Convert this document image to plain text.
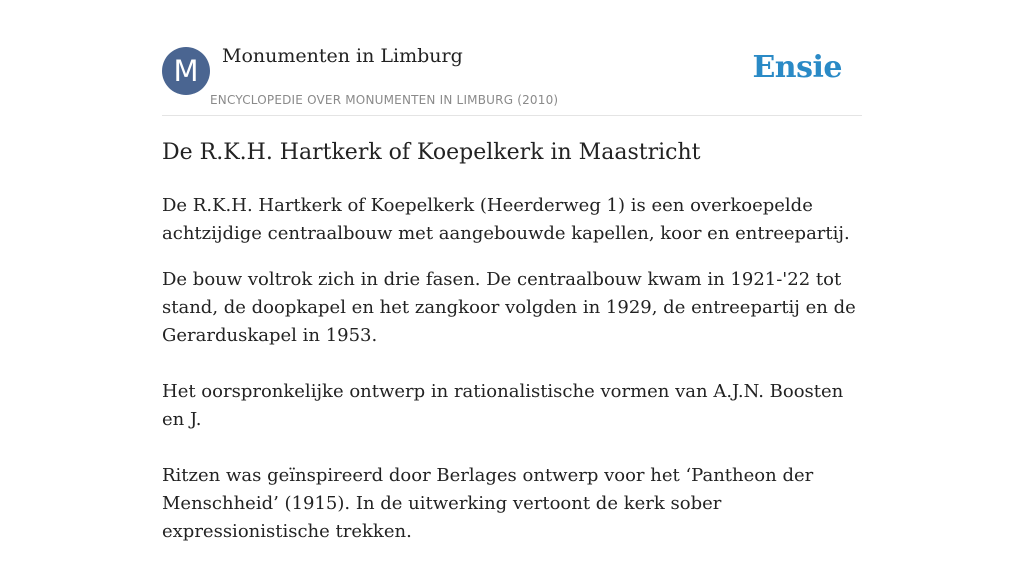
M	Monumenten in Limburg
ENCYCLOPEDIE OVER MONUMENTEN IN LIMBURG (2010)
Ensie
De R.K.H. Hartkerk of Koepelkerk in Maastricht

De R.K.H. Hartkerk of Koepelkerk (Heerderweg 1) is een overkoepelde achtzijdige centraalbouw met aangebouwde kapellen, koor en entreepartij.

De bouw voltrok zich in drie fasen. De centraalbouw kwam in 1921-'22 tot stand, de doopkapel en het zangkoor volgden in 1929, de entreepartij en de Gerarduskapel in 1953.

Het oorspronkelijke ontwerp in rationalistische vormen van A.J.N. Boosten en J.

Ritzen was geïnspireerd door Berlages ontwerp voor het ‘Pantheon der Menschheid’ (1915). In de uitwerking vertoont de kerk sober expressionistische trekken.
